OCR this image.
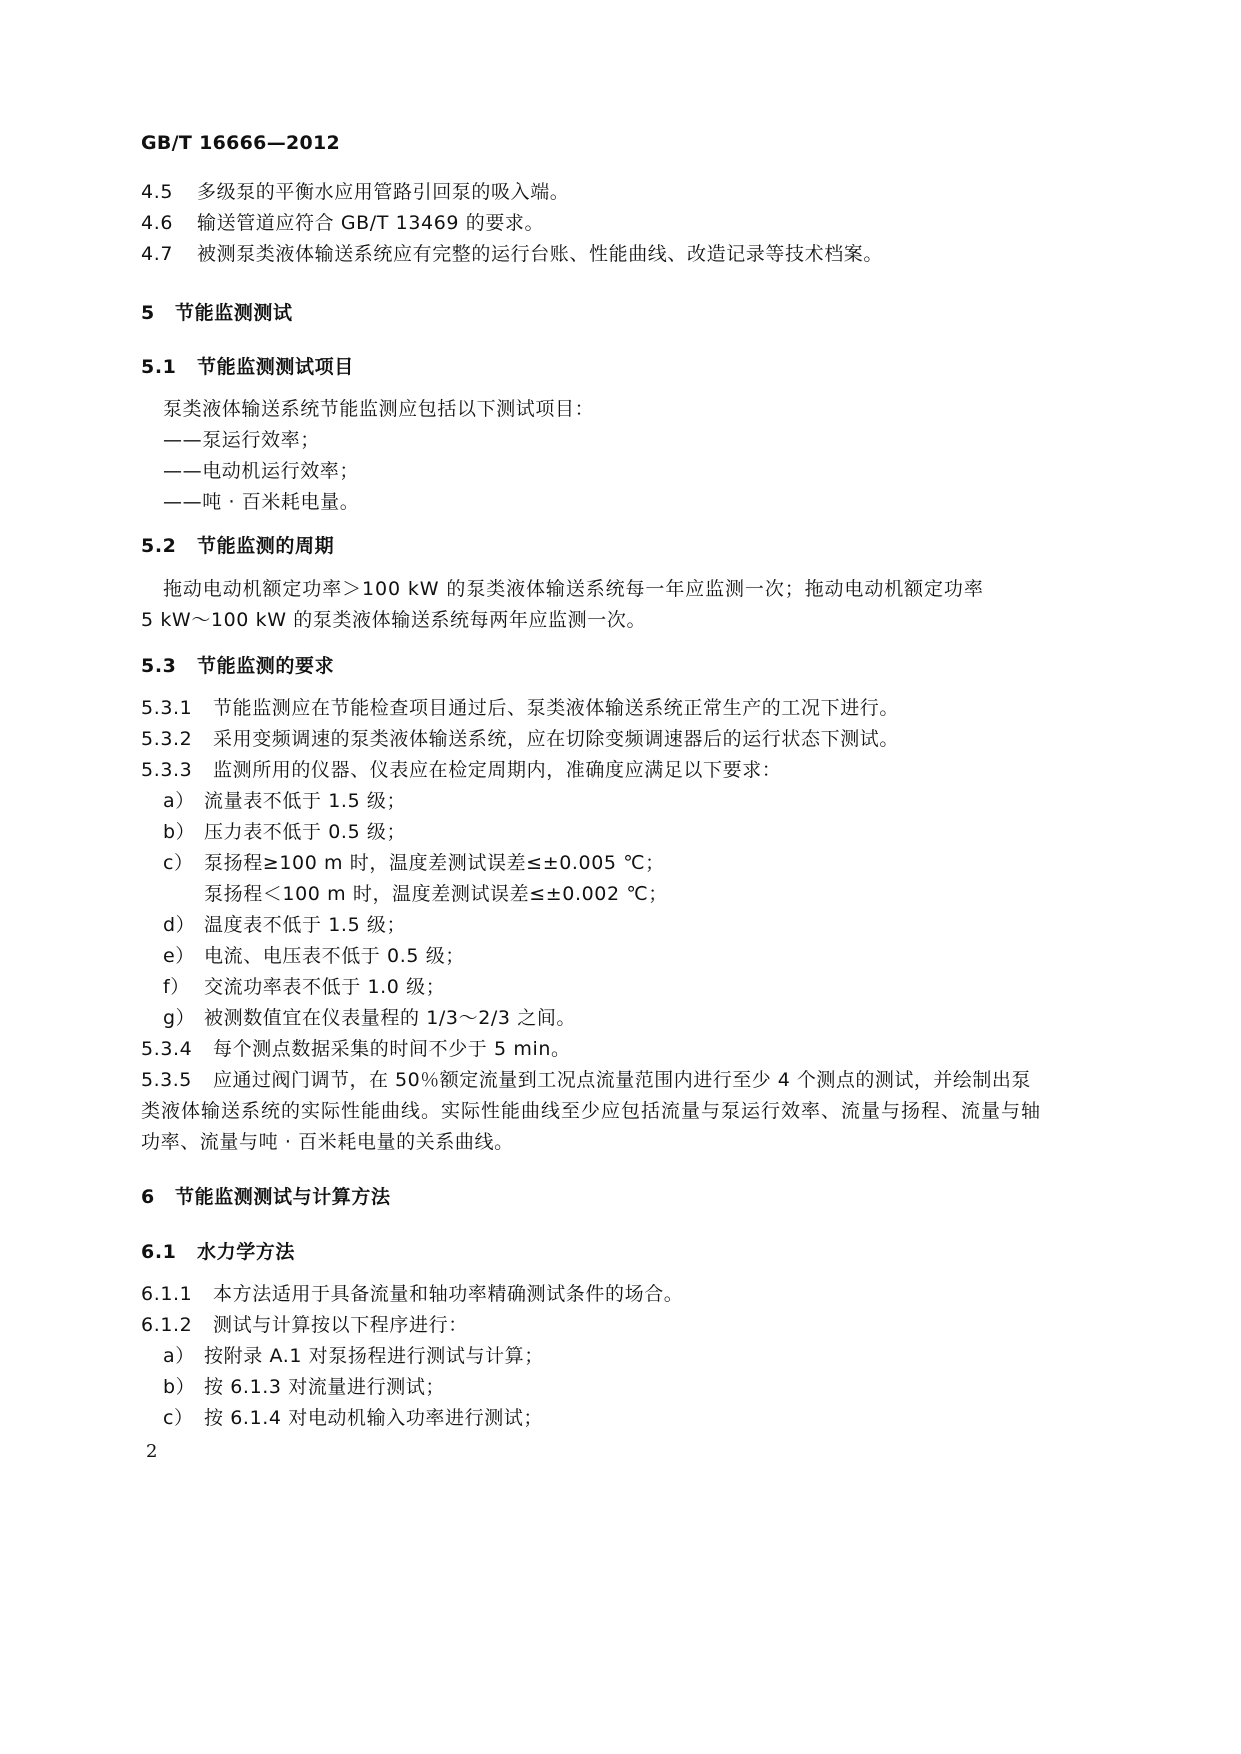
GB/T 16666—2012
4.5 多级泵的平衡水应用管路引回泵的吸入端。
4.6 输送管道应符合 GB/T 13469 的要求。
4.7 被测泵类液体输送系统应有完整的运行台账、性能曲线、改造记录等技术档案。
5 节能监测测试
5.1 节能监测测试项目
泵类液体输送系统节能监测应包括以下测试项目：
——泵运行效率；
——电动机运行效率；
——吨 · 百米耗电量。
5.2 节能监测的周期
拖动电动机额定功率＞100 kW 的泵类液体输送系统每一年应监测一次；拖动电动机额定功率
5 kW～100 kW 的泵类液体输送系统每两年应监测一次。
5.3 节能监测的要求
5.3.1 节能监测应在节能检查项目通过后、泵类液体输送系统正常生产的工况下进行。
5.3.2 采用变频调速的泵类液体输送系统，应在切除变频调速器后的运行状态下测试。
5.3.3 监测所用的仪器、仪表应在检定周期内，准确度应满足以下要求：
a） 流量表不低于 1.5 级；
b） 压力表不低于 0.5 级；
c） 泵扬程≥100 m 时，温度差测试误差≤±0.005 ℃；
泵扬程＜100 m 时，温度差测试误差≤±0.002 ℃；
d） 温度表不低于 1.5 级；
e） 电流、电压表不低于 0.5 级；
f） 交流功率表不低于 1.0 级；
g） 被测数值宜在仪表量程的 1/3～2/3 之间。
5.3.4 每个测点数据采集的时间不少于 5 min。
5.3.5 应通过阀门调节，在 50％额定流量到工况点流量范围内进行至少 4 个测点的测试，并绘制出泵
类液体输送系统的实际性能曲线。实际性能曲线至少应包括流量与泵运行效率、流量与扬程、流量与轴
功率、流量与吨 · 百米耗电量的关系曲线。
6 节能监测测试与计算方法
6.1 水力学方法
6.1.1 本方法适用于具备流量和轴功率精确测试条件的场合。
6.1.2 测试与计算按以下程序进行：
a） 按附录 A.1 对泵扬程进行测试与计算；
b） 按 6.1.3 对流量进行测试；
c） 按 6.1.4 对电动机输入功率进行测试；
2
